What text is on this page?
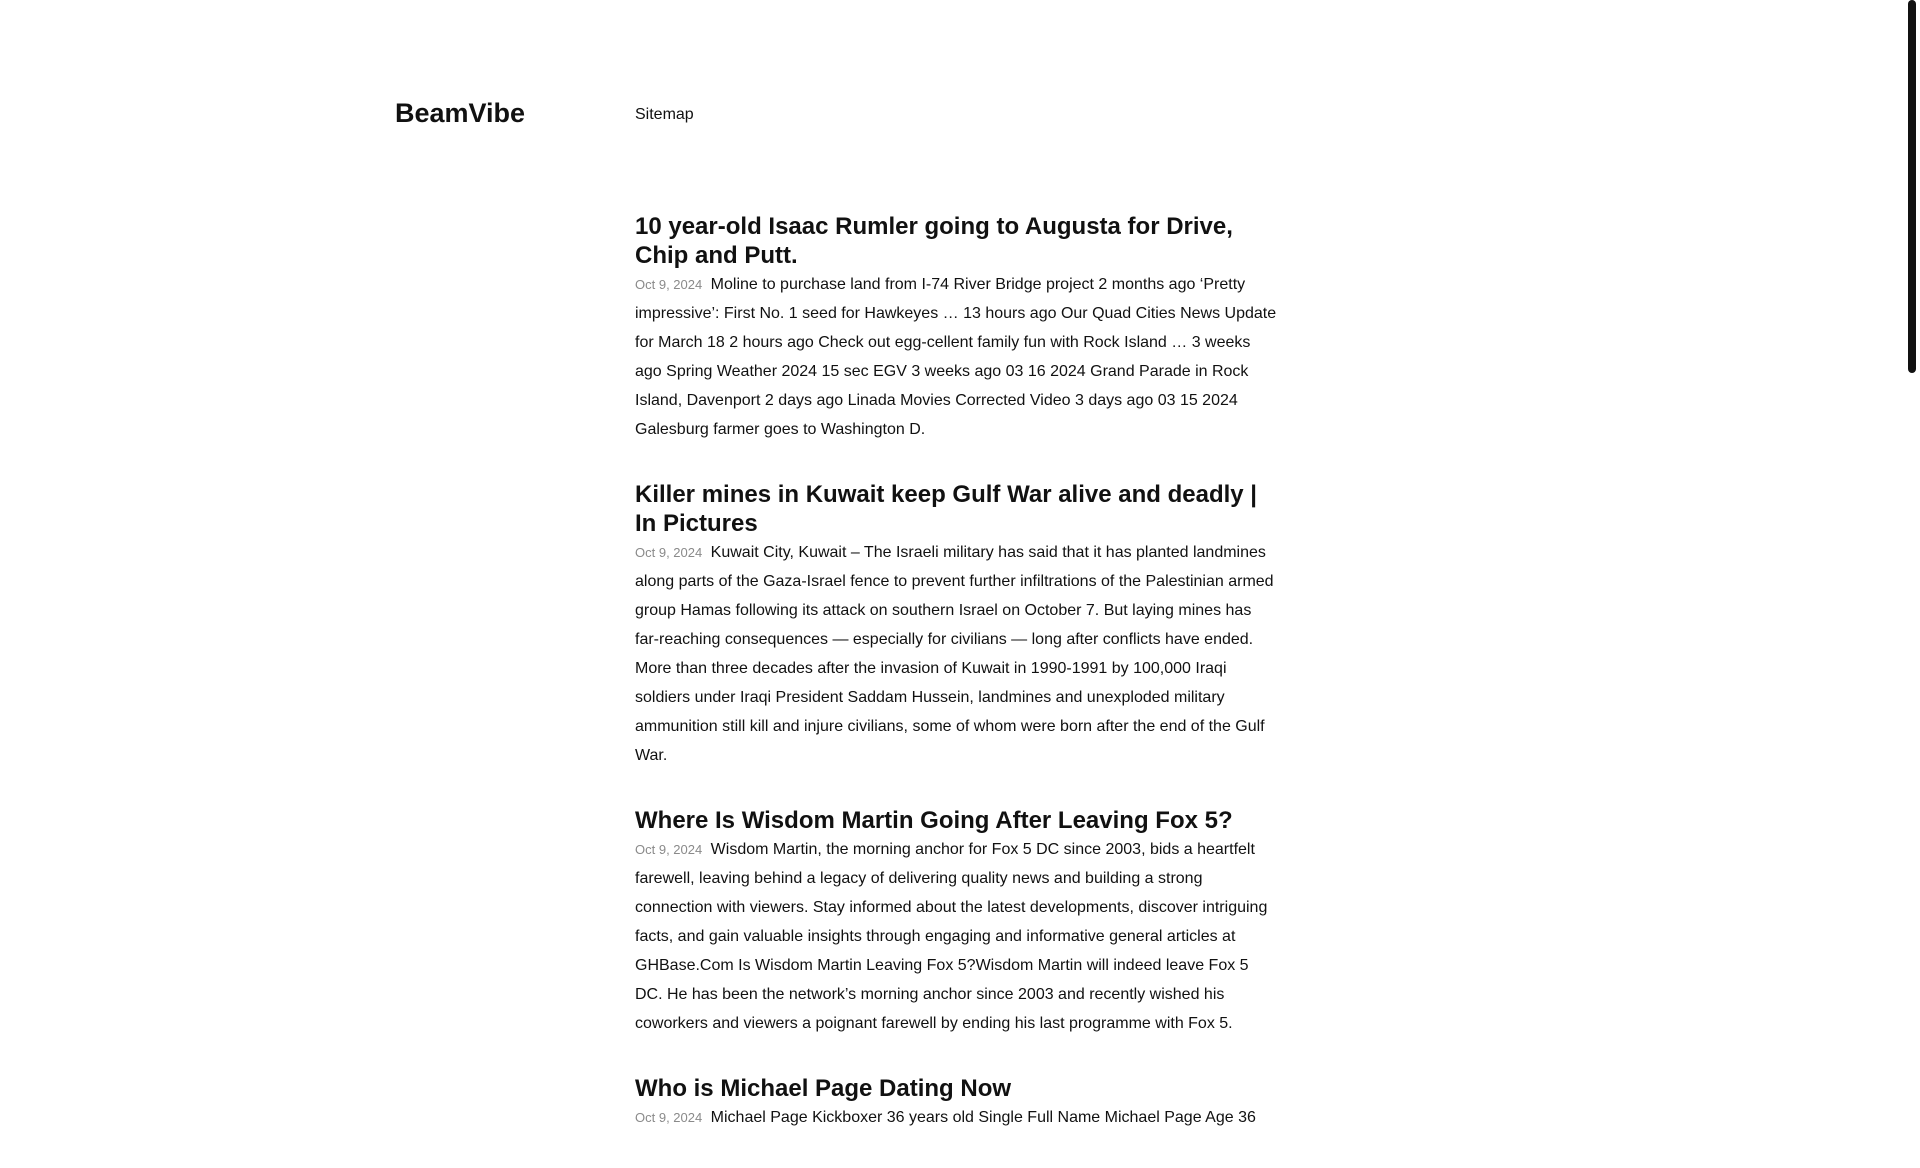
BeamVibe	Sitemap
10 year-old Isaac Rumler going to Augusta for Drive, Chip and Putt.

Oct 9, 2024 Moline to purchase land from I-74 River Bridge project 2 months ago ‘Pretty impressive’: First No. 1 seed for Hawkeyes … 13 hours ago Our Quad Cities News Update for March 18 2 hours ago Check out egg-cellent family fun with Rock Island … 3 weeks ago Spring Weather 2024 15 sec EGV 3 weeks ago 03 16 2024 Grand Parade in Rock Island, Davenport 2 days ago Linada Movies Corrected Video 3 days ago 03 15 2024 Galesburg farmer goes to Washington D.

Killer mines in Kuwait keep Gulf War alive and deadly | In Pictures

Oct 9, 2024 Kuwait City, Kuwait – The Israeli military has said that it has planted landmines along parts of the Gaza-Israel fence to prevent further infiltrations of the Palestinian armed group Hamas following its attack on southern Israel on October 7. But laying mines has far-reaching consequences — especially for civilians — long after conflicts have ended. More than three decades after the invasion of Kuwait in 1990-1991 by 100,000 Iraqi soldiers under Iraqi President Saddam Hussein, landmines and unexploded military ammunition still kill and injure civilians, some of whom were born after the end of the Gulf War.

Where Is Wisdom Martin Going After Leaving Fox 5?

Oct 9, 2024 Wisdom Martin, the morning anchor for Fox 5 DC since 2003, bids a heartfelt farewell, leaving behind a legacy of delivering quality news and building a strong connection with viewers. Stay informed about the latest developments, discover intriguing facts, and gain valuable insights through engaging and informative general articles at GHBase.Com Is Wisdom Martin Leaving Fox 5?Wisdom Martin will indeed leave Fox 5 DC. He has been the network’s morning anchor since 2003 and recently wished his coworkers and viewers a poignant farewell by ending his last programme with Fox 5.

Who is Michael Page Dating Now

Oct 9, 2024 Michael Page Kickboxer 36 years old Single Full Name Michael Page Age 36
